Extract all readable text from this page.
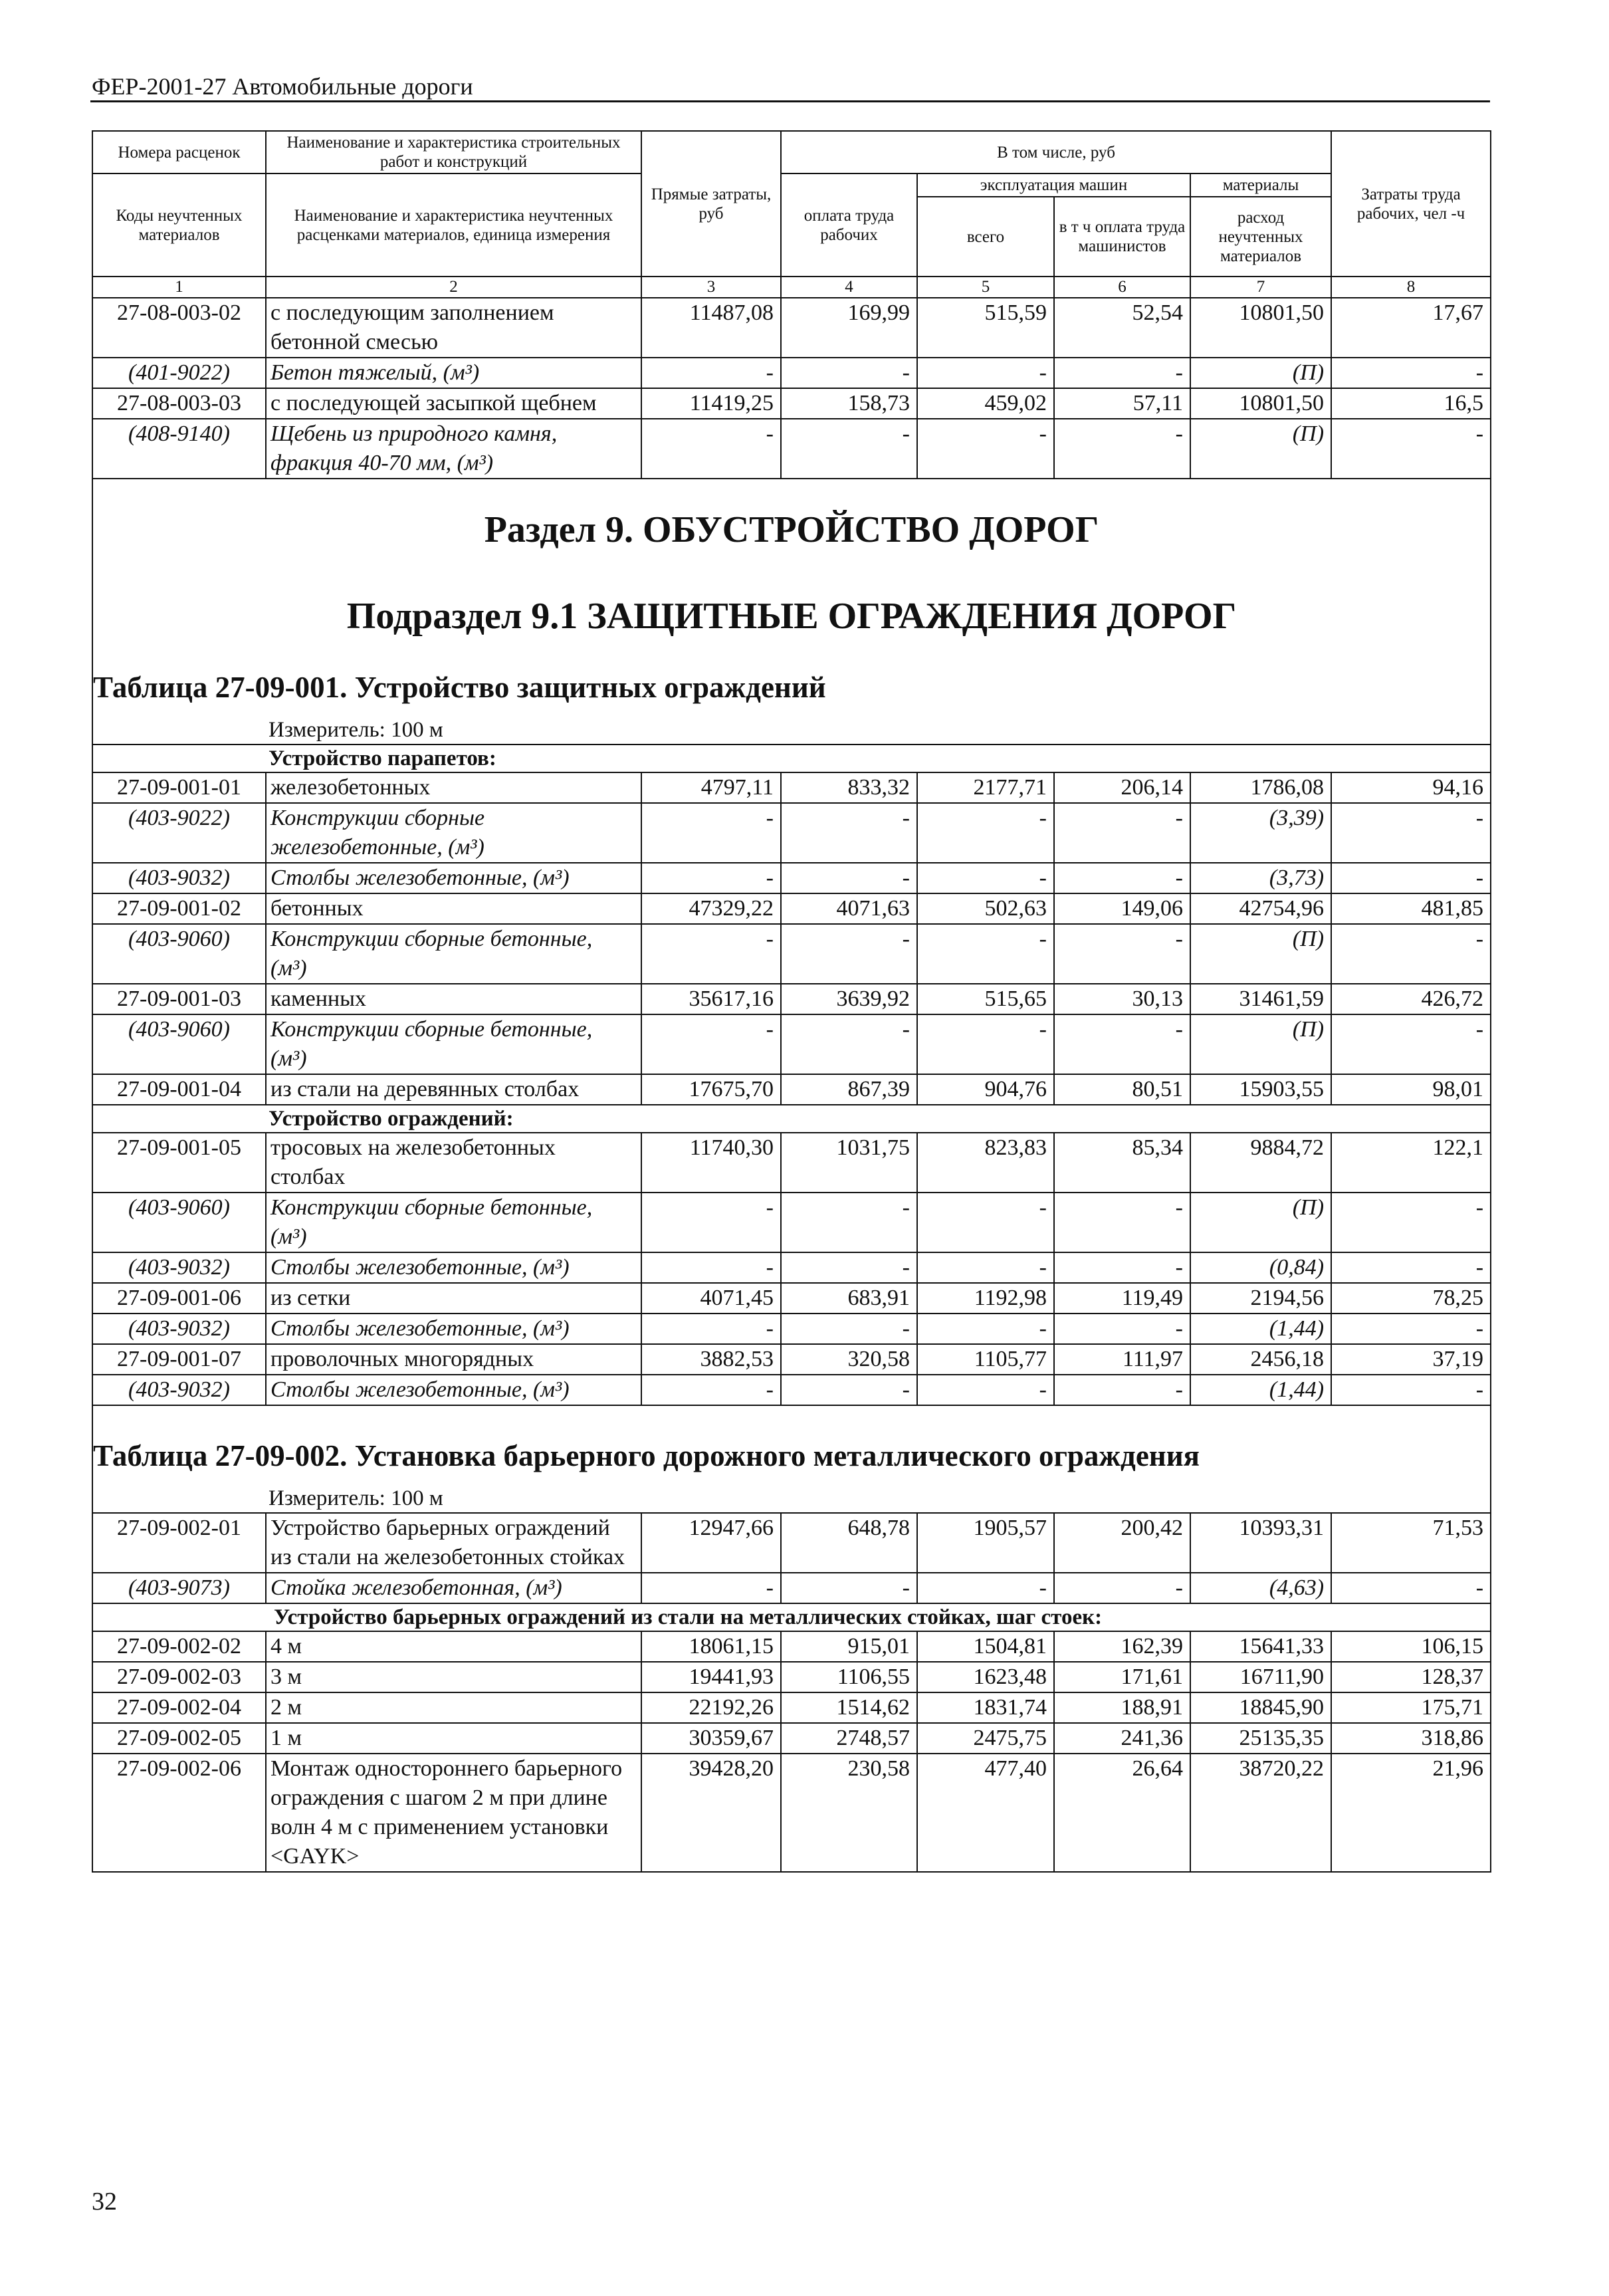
ФЕР-2001-27 Автомобильные дороги
Номера расценок	Наименование и характеристика строительных работ и конструкций	Прямые затраты, руб	В том числе, руб				Затраты труда рабочих, чел -ч
Коды неучтенных материалов	Наименование и характеристика неучтенных расценками материалов, единица измерения		оплата труда рабочих	эксплуатация машин		материалы	
				всего	в т ч оплата труда машинистов	расход неучтенных материалов	
1	2	3	4	5	6	7	8
27-08-003-02	с последующим заполнением бетонной смесью	11487,08	169,99	515,59	52,54	10801,50	17,67
(401-9022)	Бетон тяжелый, (м³)	-	-	-	-	(П)	-
27-08-003-03	с последующей засыпкой щебнем	11419,25	158,73	459,02	57,11	10801,50	16,5
(408-9140)	Щебень из природного камня, фракция 40-70 мм, (м³)	-	-	-	-	(П)	-
Раздел 9. ОБУСТРОЙСТВО ДОРОГ							
Подраздел 9.1 ЗАЩИТНЫЕ ОГРАЖДЕНИЯ ДОРОГ							
Таблица 27-09-001. Устройство защитных ограждений							
Измеритель: 100 м							
Устройство парапетов:							
27-09-001-01	железобетонных	4797,11	833,32	2177,71	206,14	1786,08	94,16
(403-9022)	Конструкции сборные железобетонные, (м³)	-	-	-	-	(3,39)	-
(403-9032)	Столбы железобетонные, (м³)	-	-	-	-	(3,73)	-
27-09-001-02	бетонных	47329,22	4071,63	502,63	149,06	42754,96	481,85
(403-9060)	Конструкции сборные бетонные, (м³)	-	-	-	-	(П)	-
27-09-001-03	каменных	35617,16	3639,92	515,65	30,13	31461,59	426,72
(403-9060)	Конструкции сборные бетонные, (м³)	-	-	-	-	(П)	-
27-09-001-04	из стали на деревянных столбах	17675,70	867,39	904,76	80,51	15903,55	98,01
Устройство ограждений:							
27-09-001-05	тросовых на железобетонных столбах	11740,30	1031,75	823,83	85,34	9884,72	122,1
(403-9060)	Конструкции сборные бетонные, (м³)	-	-	-	-	(П)	-
(403-9032)	Столбы железобетонные, (м³)	-	-	-	-	(0,84)	-
27-09-001-06	из сетки	4071,45	683,91	1192,98	119,49	2194,56	78,25
(403-9032)	Столбы железобетонные, (м³)	-	-	-	-	(1,44)	-
27-09-001-07	проволочных многорядных	3882,53	320,58	1105,77	111,97	2456,18	37,19
(403-9032)	Столбы железобетонные, (м³)	-	-	-	-	(1,44)	-
Таблица 27-09-002. Установка барьерного дорожного металлического ограждения							
Измеритель: 100 м							
27-09-002-01	Устройство барьерных ограждений из стали на железобетонных стойках	12947,66	648,78	1905,57	200,42	10393,31	71,53
(403-9073)	Стойка железобетонная, (м³)	-	-	-	-	(4,63)	-
Устройство барьерных ограждений из стали на металлических стойках, шаг стоек:							
27-09-002-02	4 м	18061,15	915,01	1504,81	162,39	15641,33	106,15
27-09-002-03	3 м	19441,93	1106,55	1623,48	171,61	16711,90	128,37
27-09-002-04	2 м	22192,26	1514,62	1831,74	188,91	18845,90	175,71
27-09-002-05	1 м	30359,67	2748,57	2475,75	241,36	25135,35	318,86
27-09-002-06	Монтаж одностороннего барьерного ограждения с шагом 2 м при длине волн 4 м с применением установки <GAYK>	39428,20	230,58	477,40	26,64	38720,22	21,96
32
